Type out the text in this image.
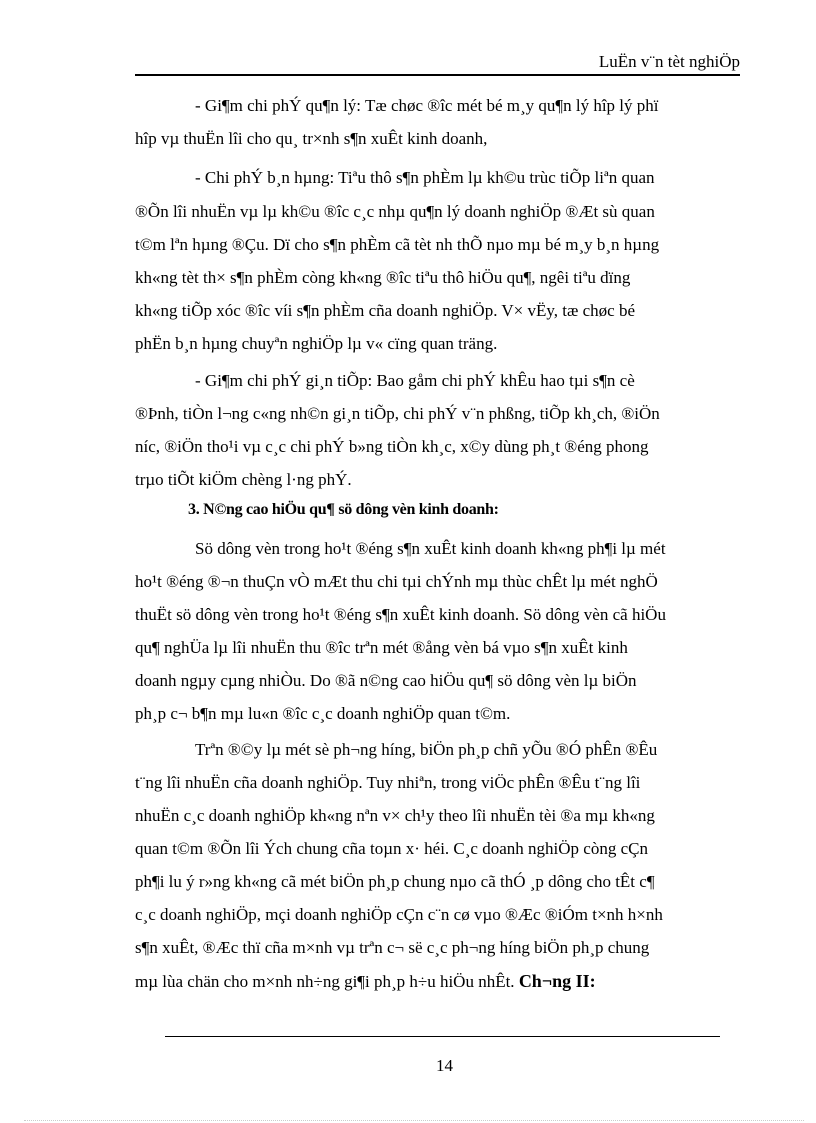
LuËn v¨n tèt nghiÖp
- Gi¶m chi phÝ qu¶n lý: Tæ chøc ®îc mét bé m¸y qu¶n lý hîp lý phï
hîp vµ thuËn lîi cho qu¸ tr×nh s¶n xuÊt kinh doanh,
- Chi phÝ b¸n hµng: Tiªu thô s¶n phÈm lµ kh©u trùc tiÕp liªn quan
®Õn lîi nhuËn vµ lµ kh©u ®îc c¸c nhµ qu¶n lý doanh nghiÖp ®Æt sù quan
t©m lªn hµng ®Çu. Dï cho s¶n phÈm cã tèt nh thÕ nµo mµ bé m¸y b¸n hµng
kh«ng tèt th× s¶n phÈm còng kh«ng ®îc tiªu thô hiÖu qu¶, ngêi tiªu dïng
kh«ng tiÕp xóc ®îc víi s¶n phÈm cña doanh nghiÖp. V× vËy, tæ chøc bé
phËn b¸n hµng chuyªn nghiÖp lµ v« cïng quan träng.
- Gi¶m chi phÝ gi¸n tiÕp: Bao gåm chi phÝ khÊu hao tµi s¶n cè
®Þnh, tiÒn l¬ng c«ng nh©n gi¸n tiÕp, chi phÝ v¨n phßng, tiÕp kh¸ch, ®iÖn
níc, ®iÖn tho¹i vµ c¸c chi phÝ b»ng tiÒn kh¸c, x©y dùng ph¸t ®éng phong
trµo tiÕt kiÖm chèng l·ng phÝ.
3. N©ng cao hiÖu qu¶ sö dông vèn kinh doanh:
Sö dông vèn trong ho¹t ®éng s¶n xuÊt kinh doanh kh«ng ph¶i lµ mét
ho¹t ®éng ®¬n thuÇn vÒ mÆt thu chi tµi chÝnh mµ thùc chÊt lµ mét nghÖ
thuËt sö dông vèn trong ho¹t ®éng s¶n xuÊt kinh doanh. Sö dông vèn cã hiÖu
qu¶ nghÜa lµ lîi nhuËn thu ®îc trªn mét ®ång vèn bá vµo s¶n xuÊt kinh
doanh ngµy cµng nhiÒu. Do ®ã n©ng cao hiÖu qu¶ sö dông vèn lµ biÖn
ph¸p c¬ b¶n mµ lu«n ®îc c¸c doanh nghiÖp quan t©m.
Trªn ®©y lµ mét sè ph¬ng híng, biÖn ph¸p chñ yÕu ®Ó phÊn ®Êu
t¨ng lîi nhuËn cña doanh nghiÖp. Tuy nhiªn, trong viÖc phÊn ®Êu t¨ng lîi
nhuËn c¸c doanh nghiÖp kh«ng nªn v× ch¹y theo lîi nhuËn tèi ®a mµ kh«ng
quan t©m ®Õn lîi Ých chung cña toµn x· héi. C¸c doanh nghiÖp còng cÇn
ph¶i lu ý r»ng kh«ng cã mét biÖn ph¸p chung nµo cã thÓ ¸p dông cho tÊt c¶
c¸c doanh nghiÖp, mçi doanh nghiÖp cÇn c¨n cø vµo ®Æc ®iÓm t×nh h×nh
s¶n xuÊt, ®Æc thï cña m×nh vµ trªn c¬ së c¸c ph¬ng híng biÖn ph¸p chung
mµ lùa chän cho m×nh nh÷ng gi¶i ph¸p h÷u hiÖu nhÊt. Ch¬ng II:
14
